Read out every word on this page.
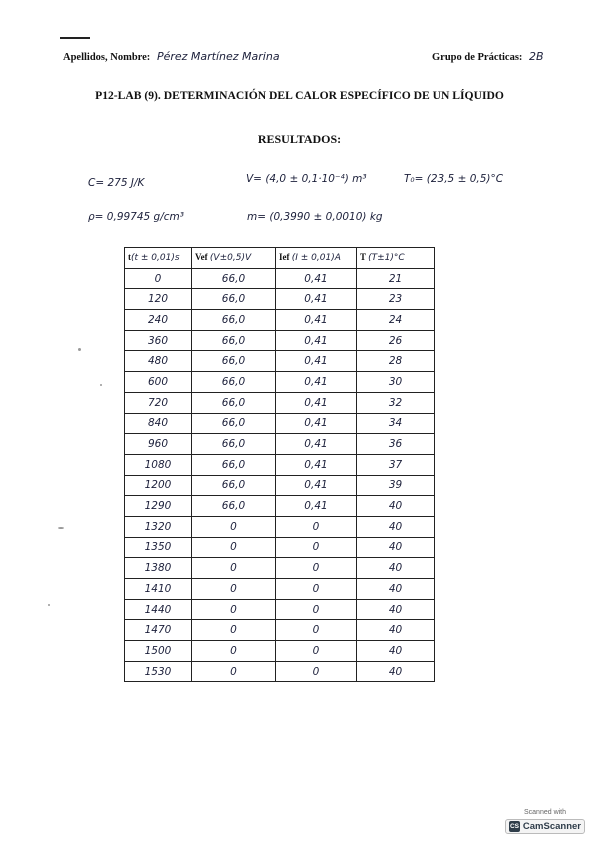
Apellidos, Nombre: Pérez Martínez Marina	Grupo de Prácticas: 2B
P12-LAB (9). DETERMINACIÓN DEL CALOR ESPECÍFICO DE UN LÍQUIDO
RESULTADOS:
C= 275 J/K	V= (4,0 ± 0,1·10⁻⁴) m³	T₀= (23,5 ± 0,5)°C
ρ= 0,99745 g/cm³	m= (0,3990 ± 0,0010) kg
t(t ± 0,01)s	Vef (V±0,5)V	Ief (I ± 0,01)A	T (T±1)°C
0	66,0	0,41	21
120	66,0	0,41	23
240	66,0	0,41	24
360	66,0	0,41	26
480	66,0	0,41	28
600	66,0	0,41	30
720	66,0	0,41	32
840	66,0	0,41	34
960	66,0	0,41	36
1080	66,0	0,41	37
1200	66,0	0,41	39
1290	66,0	0,41	40
1320	0	0	40
1350	0	0	40
1380	0	0	40
1410	0	0	40
1440	0	0	40
1470	0	0	40
1500	0	0	40
1530	0	0	40
Scanned with
CS CamScanner
